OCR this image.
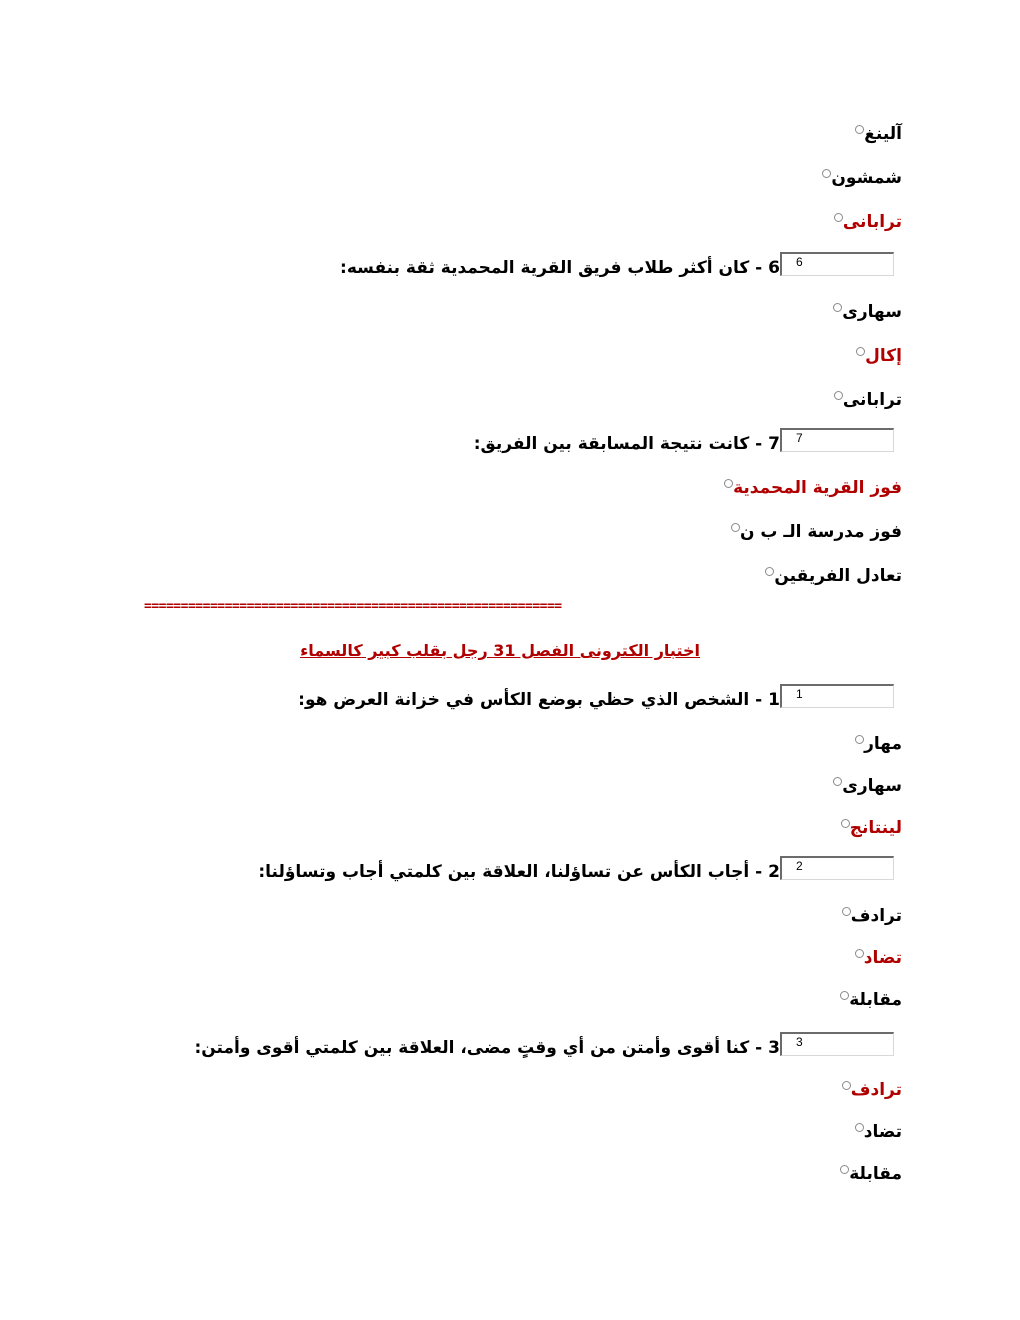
آلينغ
شمشون
ترابانى
6 - كان أكثر طلاب فريق القرية المحمدية ثقة بنفسه:	6
سهارى
إكال
ترابانى
7 - كانت نتيجة المسابقة بين الفريق:	7
فوز القرية المحمدية
فوز مدرسة الـ ب ن
تعادل الفريقين
=========================================================
اختبار الكترونى الفصل 31 رجل بقلب كبير كالسماء
1 - الشخص الذي حظي بوضع الكأس في خزانة العرض هو:	1
مهار
سهارى
لينتانج
2 - أجاب الكأس عن تساؤلنا، العلاقة بين كلمتي أجاب وتساؤلنا:	2
ترادف
تضاد
مقابلة
3 - كنا أقوى وأمتن من أي وقتٍ مضى، العلاقة بين كلمتي أقوى وأمتن:	3
ترادف
تضاد
مقابلة
